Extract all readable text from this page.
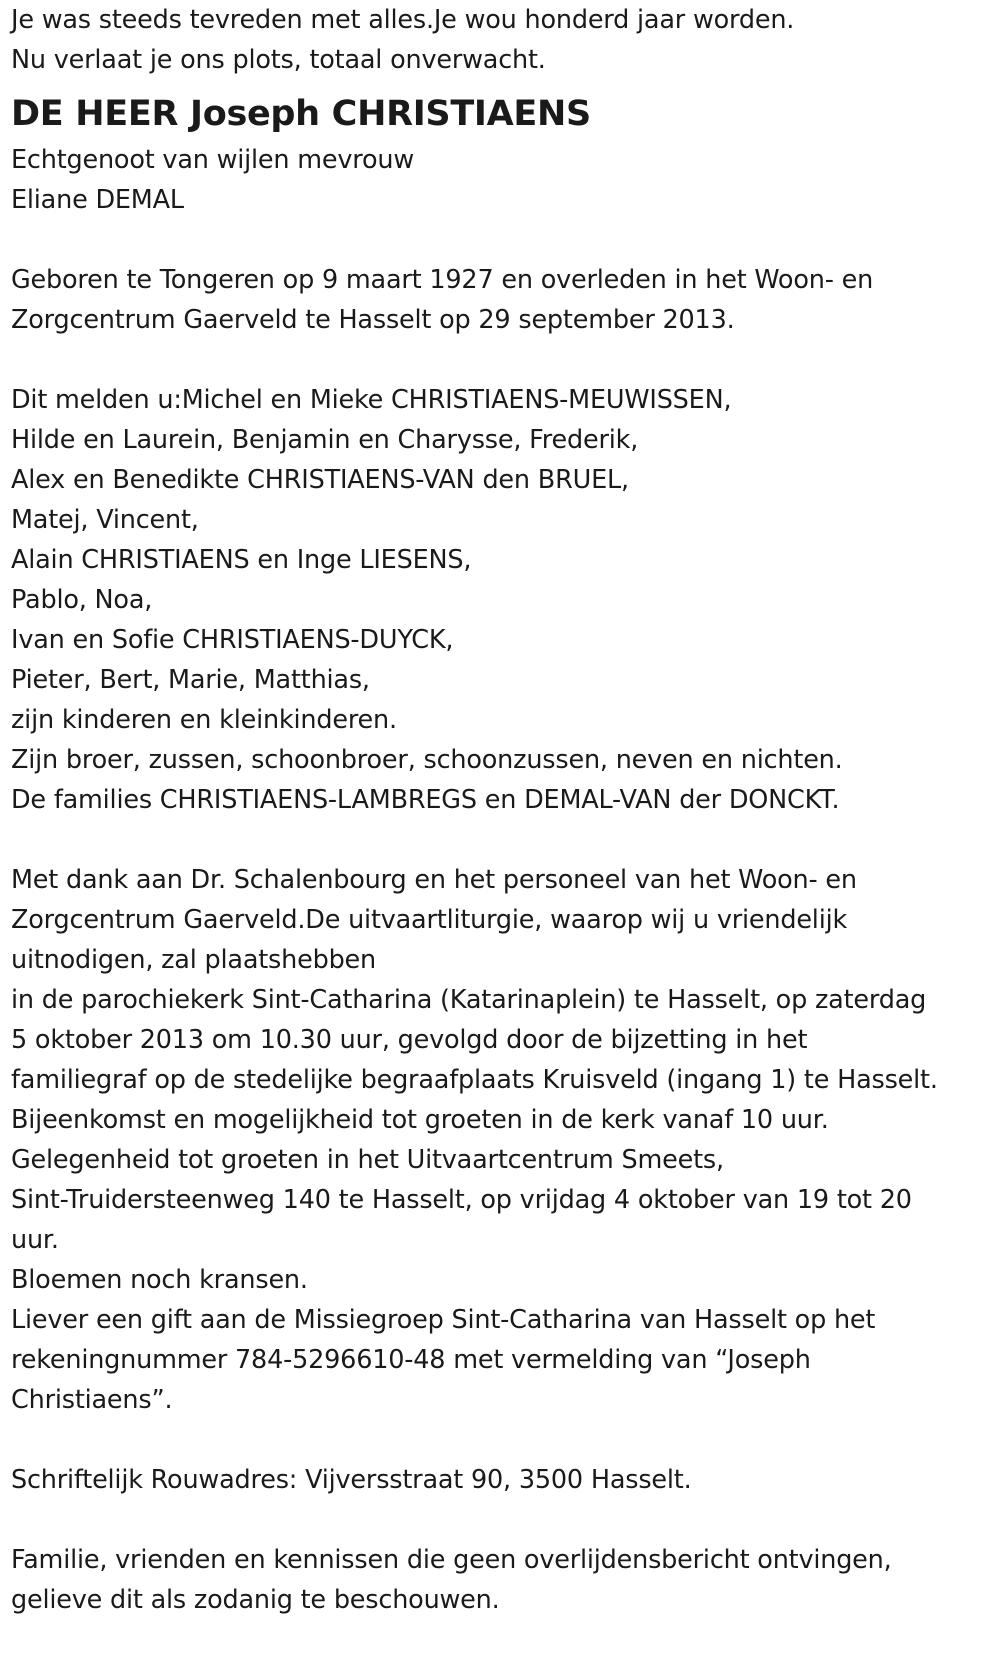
Je was steeds tevreden met alles.Je wou honderd jaar worden.
Nu verlaat je ons plots, totaal onverwacht.
DE HEER Joseph CHRISTIAENS
Echtgenoot van wijlen mevrouw
Eliane DEMAL
Geboren te Tongeren op 9 maart 1927 en overleden in het Woon- en
Zorgcentrum Gaerveld te Hasselt op 29 september 2013.
Dit melden u:Michel en Mieke CHRISTIAENS-MEUWISSEN,
Hilde en Laurein, Benjamin en Charysse, Frederik,
Alex en Benedikte CHRISTIAENS-VAN den BRUEL,
Matej, Vincent,
Alain CHRISTIAENS en Inge LIESENS,
Pablo, Noa,
Ivan en Sofie CHRISTIAENS-DUYCK,
Pieter, Bert, Marie, Matthias,
zijn kinderen en kleinkinderen.
Zijn broer, zussen, schoonbroer, schoonzussen, neven en nichten.
De families CHRISTIAENS-LAMBREGS en DEMAL-VAN der DONCKT.
Met dank aan Dr. Schalenbourg en het personeel van het Woon- en
Zorgcentrum Gaerveld.De uitvaartliturgie, waarop wij u vriendelijk
uitnodigen, zal plaatshebben
in de parochiekerk Sint-Catharina (Katarinaplein) te Hasselt, op zaterdag
5 oktober 2013 om 10.30 uur, gevolgd door de bijzetting in het
familiegraf op de stedelijke begraafplaats Kruisveld (ingang 1) te Hasselt.
Bijeenkomst en mogelijkheid tot groeten in de kerk vanaf 10 uur.
Gelegenheid tot groeten in het Uitvaartcentrum Smeets,
Sint-Truidersteenweg 140 te Hasselt, op vrijdag 4 oktober van 19 tot 20
uur.
Bloemen noch kransen.
Liever een gift aan de Missiegroep Sint-Catharina van Hasselt op het
rekeningnummer 784-5296610-48 met vermelding van “Joseph
Christiaens”.
Schriftelijk Rouwadres: Vijversstraat 90, 3500 Hasselt.
Familie, vrienden en kennissen die geen overlijdensbericht ontvingen,
gelieve dit als zodanig te beschouwen.
